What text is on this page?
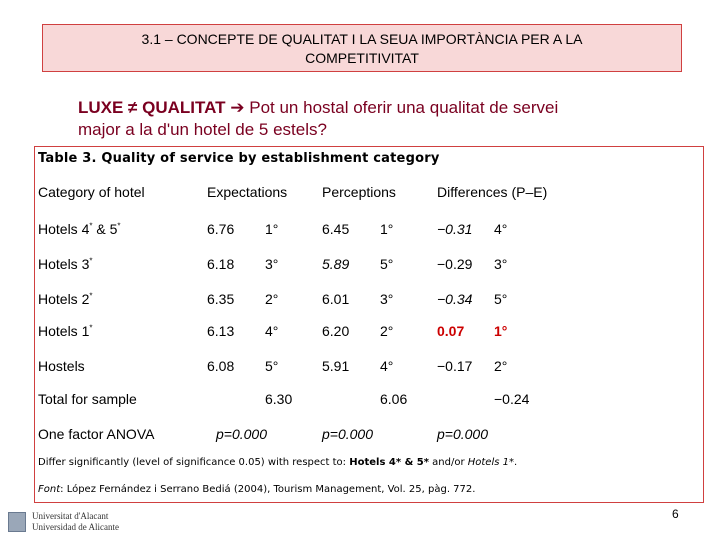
3.1 – CONCEPTE DE QUALITAT I LA SEUA IMPORTÀNCIA PER A LA
COMPETITIVITAT
LUXE ≠ QUALITAT ➔ Pot un hostal oferir una qualitat de servei
major a la d'un hotel de 5 estels?
Table 3. Quality of service by establishment category
Category of hotel	Expectations Perceptions	Differences (P–E)
Hotels 4* & 5*	6.76 1°	6.45 1°	−0.31 4°
Hotels 3*	6.18 3°	5.89 5°	−0.29 3°
Hotels 2*	6.35 2°	6.01 3°	−0.34 5°
Hotels 1*	6.13 4°	6.20 2°	0.07 1°
Hostels	6.08 5°	5.91 4°	−0.17 2°
Total for sample	6.30	6.06	−0.24
One factor ANOVA	p=0.000	p=0.000	p=0.000
Differ significantly (level of significance 0.05) with respect to: Hotels 4* & 5* and/or Hotels 1*.
Font: López Fernández i Serrano Bediá (2004), Tourism Management, Vol. 25, pàg. 772.
Universitat d'Alacant
Universidad de Alicante
6
